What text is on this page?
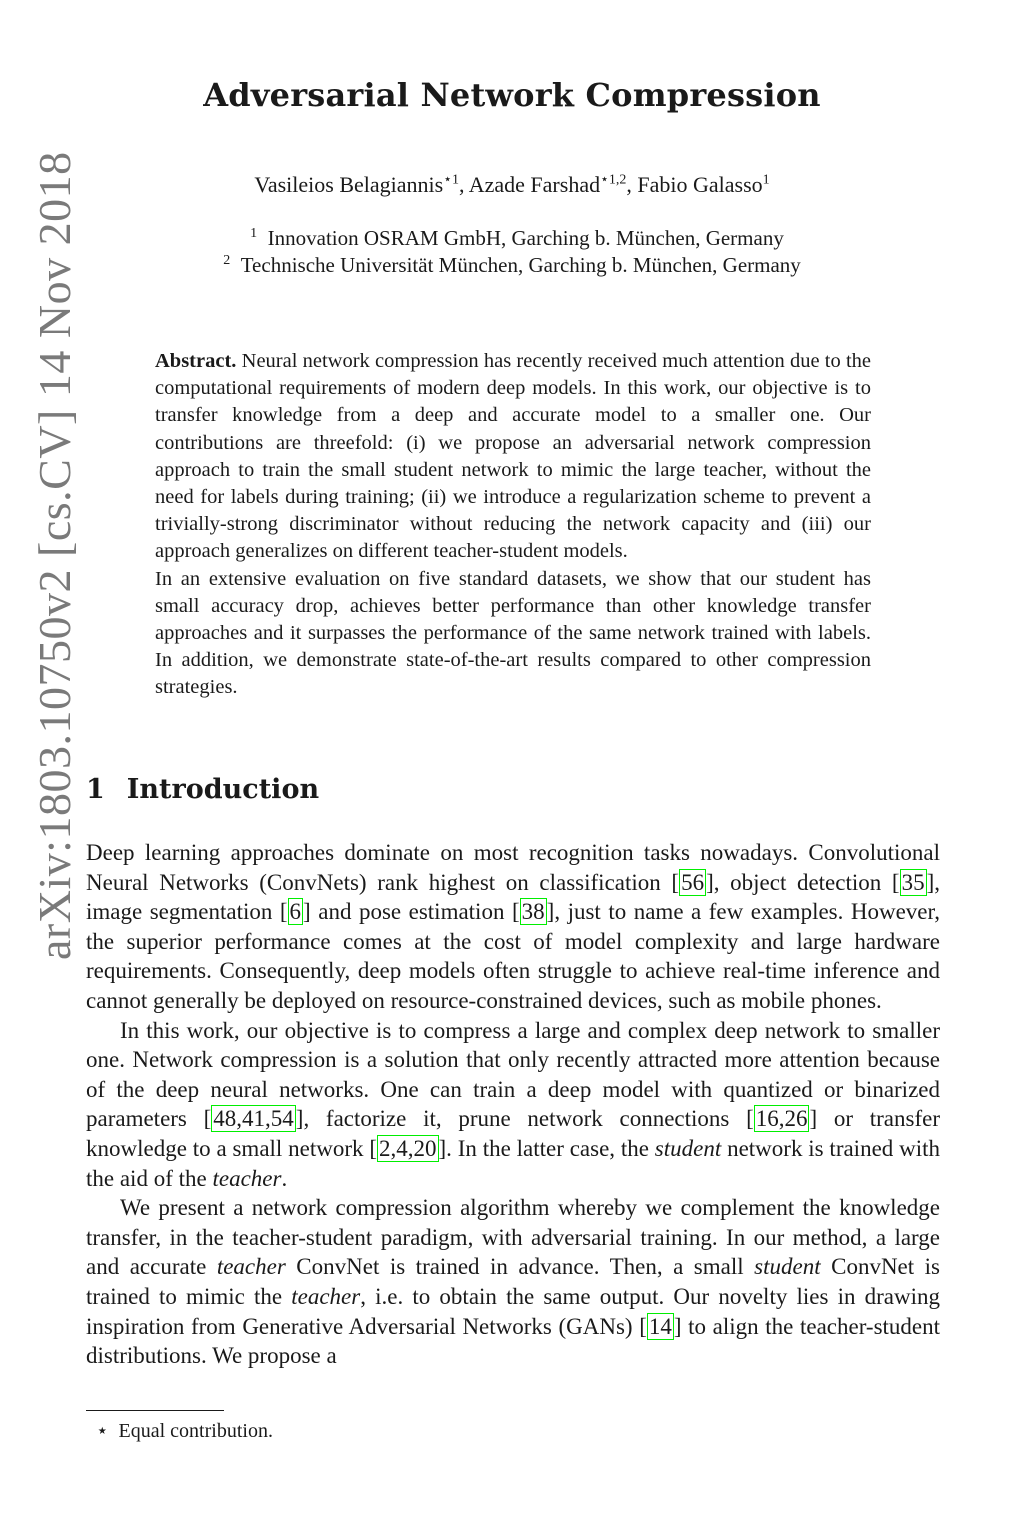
arXiv:1803.10750v2 [cs.CV] 14 Nov 2018
Adversarial Network Compression
Vasileios Belagiannis$^{⋆1}$, Azade Farshad$^{⋆1,2}$, Fabio Galasso$^1$
$^1$ Innovation OSRAM GmbH, Garching b. München, Germany
$^2$ Technische Universität München, Garching b. München, Germany

Abstract. Neural network compression has recently received much attention due to the computational requirements of modern deep models. In this work, our objective is to transfer knowledge from a deep and accurate model to a smaller one. Our contributions are threefold: (i) we propose an adversarial network compression approach to train the small student network to mimic the large teacher, without the need for labels during training; (ii) we introduce a regularization scheme to prevent a trivially-strong discriminator without reducing the network capacity and (iii) our approach generalizes on different teacher-student models.

In an extensive evaluation on five standard datasets, we show that our student has small accuracy drop, achieves better performance than other knowledge transfer approaches and it surpasses the performance of the same network trained with labels. In addition, we demonstrate state-of-the-art results compared to other compression strategies.

1 Introduction

Deep learning approaches dominate on most recognition tasks nowadays. Convolutional Neural Networks (ConvNets) rank highest on classification [56], object detection [35], image segmentation [6] and pose estimation [38], just to name a few examples. However, the superior performance comes at the cost of model complexity and large hardware requirements. Consequently, deep models often struggle to achieve real-time inference and cannot generally be deployed on resource-constrained devices, such as mobile phones.

In this work, our objective is to compress a large and complex deep network to smaller one. Network compression is a solution that only recently attracted more attention because of the deep neural networks. One can train a deep model with quantized or binarized parameters [48,41,54], factorize it, prune network connections [16,26] or transfer knowledge to a small network [2,4,20]. In the latter case, the student network is trained with the aid of the teacher.

We present a network compression algorithm whereby we complement the knowledge transfer, in the teacher-student paradigm, with adversarial training. In our method, a large and accurate teacher ConvNet is trained in advance. Then, a small student ConvNet is trained to mimic the teacher, i.e. to obtain the same output. Our novelty lies in drawing inspiration from Generative Adversarial Networks (GANs) [14] to align the teacher-student distributions. We propose a

⋆ Equal contribution.
